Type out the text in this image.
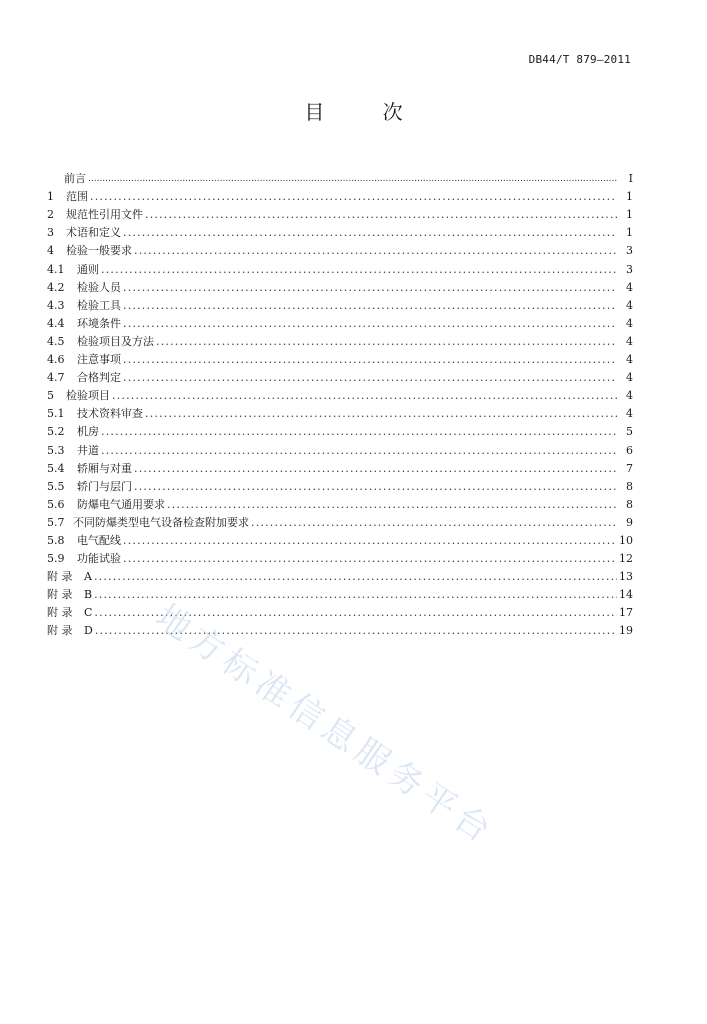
DB44/T 879—2011
目 次
前言 .....	I
1	范围 .....	1
2	规范性引用文件 .....	1
3	术语和定义 .....	1
4	检验一般要求 .....	3
4.1	通则 .....	3
4.2	检验人员 .....	4
4.3	检验工具 .....	4
4.4	环境条件 .....	4
4.5	检验项目及方法 .....	4
4.6	注意事项 .....	4
4.7	合格判定 .....	4
5	检验项目 .....	4
5.1	技术资料审查 .....	4
5.2	机房 .....	5
5.3	井道 .....	6
5.4	轿厢与对重 .....	7
5.5	轿门与层门 .....	8
5.6	防爆电气通用要求 .....	8
5.7 不同防爆类型电气设备检查附加要求 .....	9
5.8	电气配线 .....	10
5.9	功能试验 .....	12
附 录	A .....	13
附 录	B .....	14
附 录	C .....	17
附 录	D .....	19
地方标准信息服务平台
